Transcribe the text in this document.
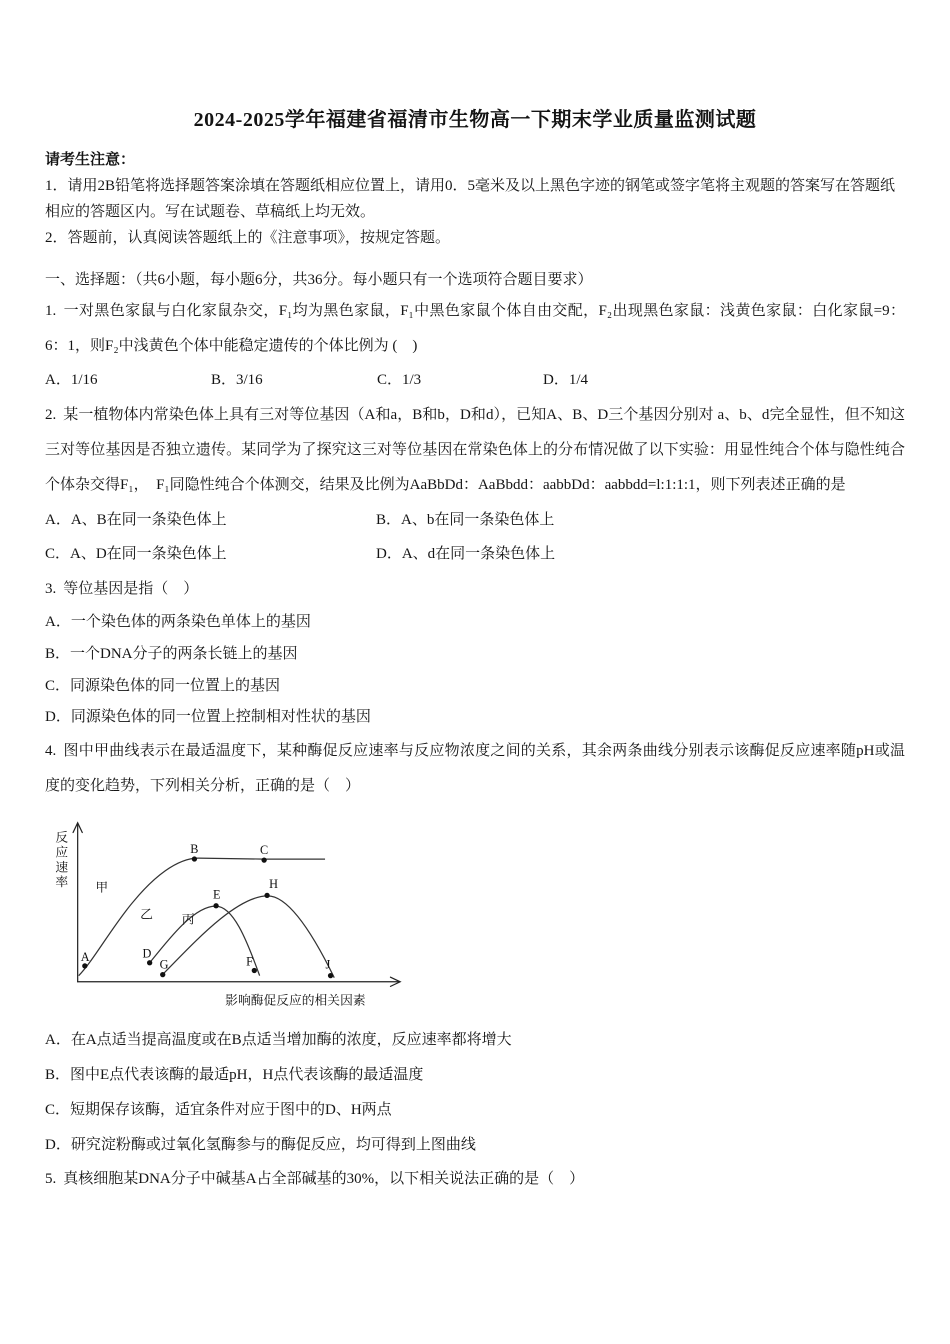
2024-2025学年福建省福清市生物高一下期末学业质量监测试题

请考生注意：

1．请用2B铅笔将选择题答案涂填在答题纸相应位置上，请用0．5毫米及以上黑色字迹的钢笔或签字笔将主观题的答案写在答题纸相应的答题区内。写在试题卷、草稿纸上均无效。

2．答题前，认真阅读答题纸上的《注意事项》，按规定答题。

一、选择题：（共6小题，每小题6分，共36分。每小题只有一个选项符合题目要求）

1. 一对黑色家鼠与白化家鼠杂交，F₁均为黑色家鼠，F₁中黑色家鼠个体自由交配，F₂出现黑色家鼠：浅黄色家鼠：白化家鼠=9：6：1，则F₂中浅黄色个体中能稳定遗传的个体比例为 (　)

A．1/16	B．3/16	C．1/3	D．1/4

2. 某一植物体内常染色体上具有三对等位基因（A和a，B和b，D和d），已知A、B、D三个基因分别对 a、b、d完全显性，但不知这三对等位基因是否独立遗传。某同学为了探究这三对等位基因在常染色体上的分布情况做了以下实验：用显性纯合个体与隐性纯合个体杂交得F₁，　F₁同隐性纯合个体测交，结果及比例为AaBbDd：AaBbdd：aabbDd：aabbdd=l:1:1:1，则下列表述正确的是

A．A、B在同一条染色体上	B．A、b在同一条染色体上
C．A、D在同一条染色体上	D．A、d在同一条染色体上

3. 等位基因是指（　）

A．一个染色体的两条染色单体上的基因
B．一个DNA分子的两条长链上的基因
C．同源染色体的同一位置上的基因
D．同源染色体的同一位置上控制相对性状的基因

4. 图中甲曲线表示在最适温度下，某种酶促反应速率与反应物浓度之间的关系，其余两条曲线分别表示该酶促反应速率随pH或温度的变化趋势，下列相关分析，正确的是（　）

反应速率
影响酶促反应的相关因素
A
B	C
D
E
F
G
H
J
甲
乙 丙
A．在A点适当提高温度或在B点适当增加酶的浓度，反应速率都将增大
B．图中E点代表该酶的最适pH，H点代表该酶的最适温度
C．短期保存该酶，适宜条件对应于图中的D、H两点
D．研究淀粉酶或过氧化氢酶参与的酶促反应，均可得到上图曲线

5. 真核细胞某DNA分子中碱基A占全部碱基的30%，以下相关说法正确的是（　）
